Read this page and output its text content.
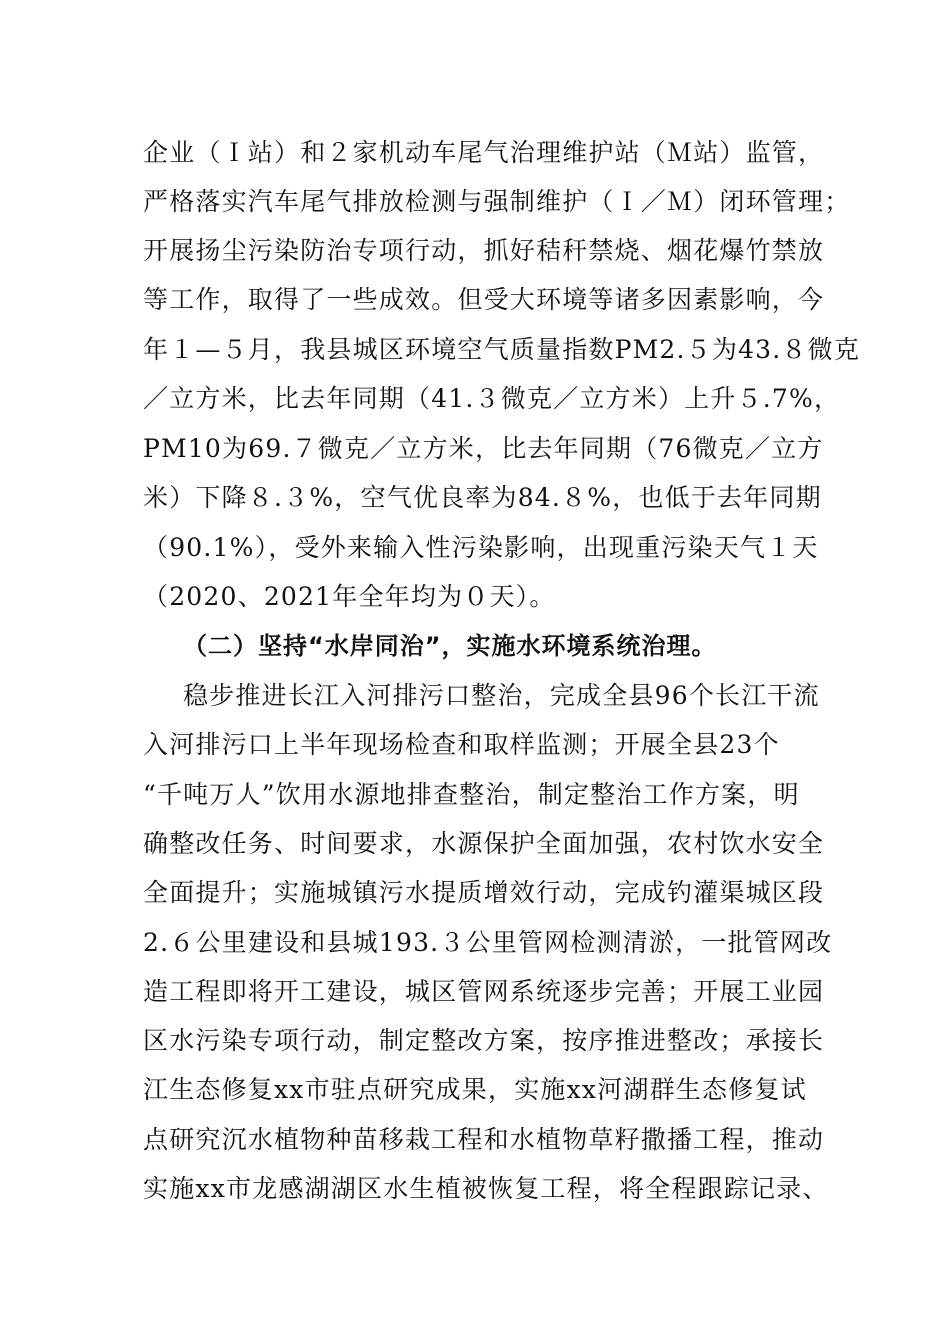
企业（Ｉ站）和２家机动车尾气治理维护站（Ｍ站）监管，
严格落实汽车尾气排放检测与强制维护（Ｉ／Ｍ）闭环管理；
开展扬尘污染防治专项行动，抓好秸秆禁烧、烟花爆竹禁放
等工作，取得了一些成效。但受大环境等诸多因素影响，今
年１—５月，我县城区环境空气质量指数PM2.５为43.８微克
／立方米，比去年同期（41.３微克／立方米）上升５.7%，
PM10为69.７微克／立方米，比去年同期（76微克／立方
米）下降８.３%，空气优良率为84.８%，也低于去年同期
（90.1%），受外来输入性污染影响，出现重污染天气１天
（2020、2021年全年均为０天）。
（二）坚持“水岸同治”，实施水环境系统治理。
稳步推进长江入河排污口整治，完成全县96个长江干流
入河排污口上半年现场检查和取样监测；开展全县23个
“千吨万人”饮用水源地排查整治，制定整治工作方案，明
确整改任务、时间要求，水源保护全面加强，农村饮水安全
全面提升；实施城镇污水提质增效行动，完成钓灌渠城区段
2.６公里建设和县城193.３公里管网检测清淤，一批管网改
造工程即将开工建设，城区管网系统逐步完善；开展工业园
区水污染专项行动，制定整改方案，按序推进整改；承接长
江生态修复xx市驻点研究成果，实施xx河湖群生态修复试
点研究沉水植物种苗移栽工程和水植物草籽撒播工程，推动
实施xx市龙感湖湖区水生植被恢复工程，将全程跟踪记录、
